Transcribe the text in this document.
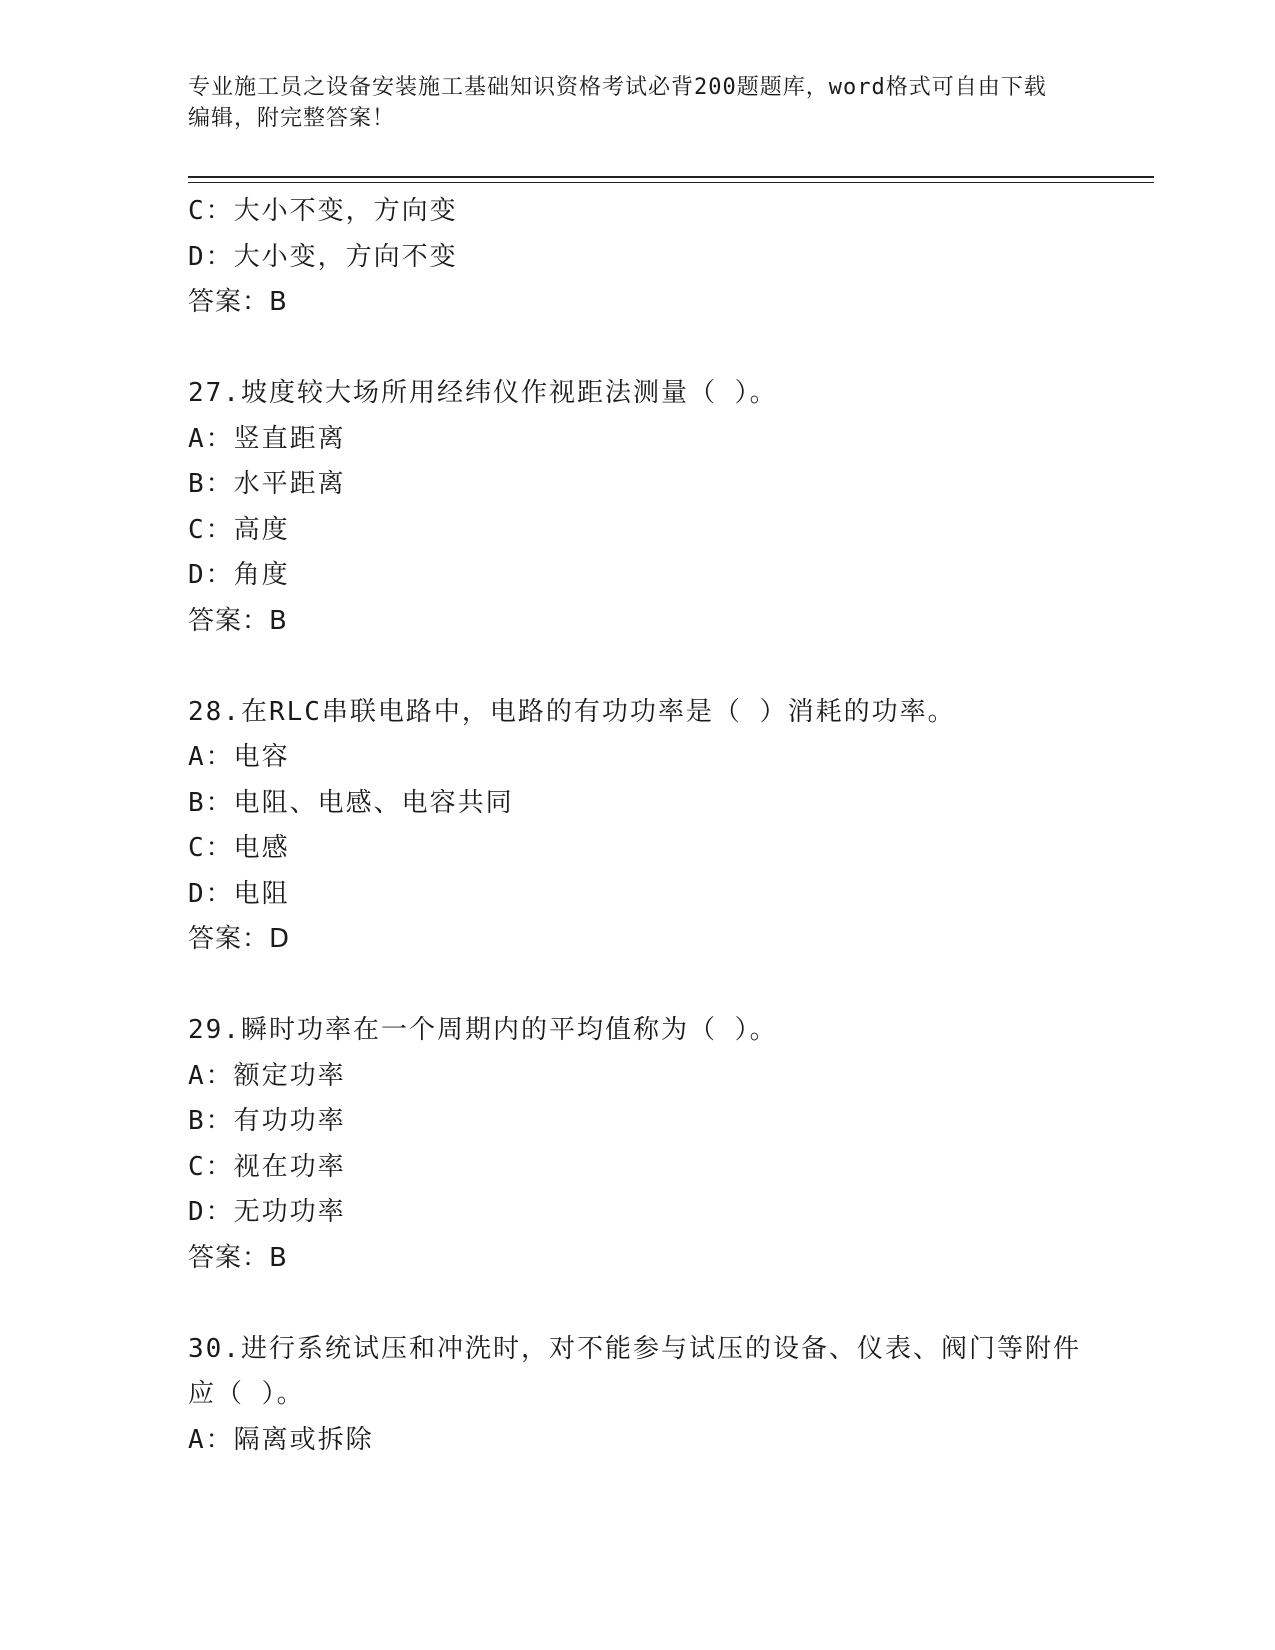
专业施工员之设备安装施工基础知识资格考试必背200题题库，word格式可自由下载编辑，附完整答案！
C：大小不变，方向变
D：大小变，方向不变
答案：B
27.坡度较大场所用经纬仪作视距法测量（ ）。
A：竖直距离
B：水平距离
C：高度
D：角度
答案：B
28.在RLC串联电路中，电路的有功功率是（ ）消耗的功率。
A：电容
B：电阻、电感、电容共同
C：电感
D：电阻
答案：D
29.瞬时功率在一个周期内的平均值称为（ ）。
A：额定功率
B：有功功率
C：视在功率
D：无功功率
答案：B
30.进行系统试压和冲洗时，对不能参与试压的设备、仪表、阀门等附件应（ ）。
A：隔离或拆除
